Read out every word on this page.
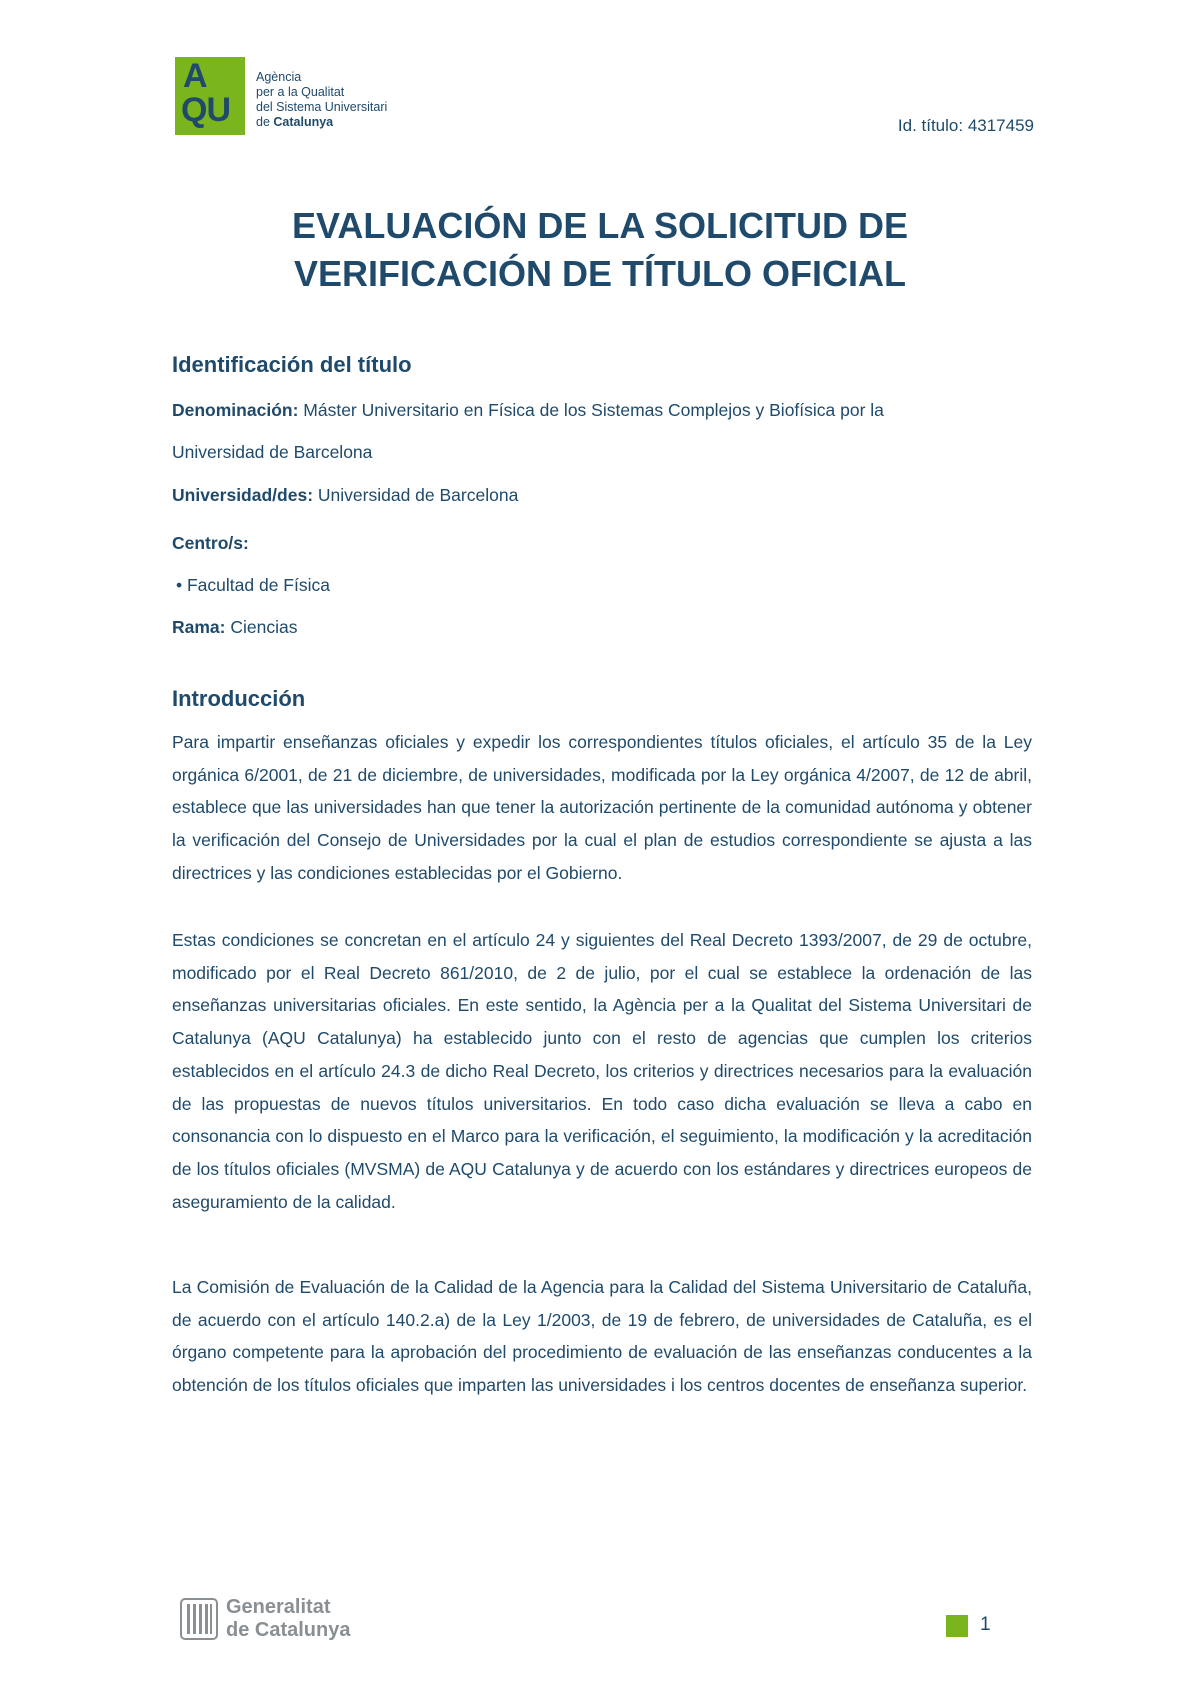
A
QU
Agència
per a la Qualitat
del Sistema Universitari
de Catalunya	Id. título: 4317459
EVALUACIÓN DE LA SOLICITUD DE
VERIFICACIÓN DE TÍTULO OFICIAL
Identificación del título
Denominación: Máster Universitario en Física de los Sistemas Complejos y Biofísica por la
Universidad de Barcelona
Universidad/des: Universidad de Barcelona
Centro/s:
• Facultad de Física
Rama: Ciencias
Introducción

Para impartir enseñanzas oficiales y expedir los correspondientes títulos oficiales, el artículo 35 de la Ley orgánica 6/2001, de 21 de diciembre, de universidades, modificada por la Ley orgánica 4/2007, de 12 de abril, establece que las universidades han que tener la autorización pertinente de la comunidad autónoma y obtener la verificación del Consejo de Universidades por la cual el plan de estudios correspondiente se ajusta a las directrices y las condiciones establecidas por el Gobierno.

Estas condiciones se concretan en el artículo 24 y siguientes del Real Decreto 1393/2007, de 29 de octubre, modificado por el Real Decreto 861/2010, de 2 de julio, por el cual se establece la ordenación de las enseñanzas universitarias oficiales. En este sentido, la Agència per a la Qualitat del Sistema Universitari de Catalunya (AQU Catalunya) ha establecido junto con el resto de agencias que cumplen los criterios establecidos en el artículo 24.3 de dicho Real Decreto, los criterios y directrices necesarios para la evaluación de las propuestas de nuevos títulos universitarios. En todo caso dicha evaluación se lleva a cabo en consonancia con lo dispuesto en el Marco para la verificación, el seguimiento, la modificación y la acreditación de los títulos oficiales (MVSMA) de AQU Catalunya y de acuerdo con los estándares y directrices europeos de aseguramiento de la calidad.

La Comisión de Evaluación de la Calidad de la Agencia para la Calidad del Sistema Universitario de Cataluña, de acuerdo con el artículo 140.2.a) de la Ley 1/2003, de 19 de febrero, de universidades de Cataluña, es el órgano competente para la aprobación del procedimiento de evaluación de las enseñanzas conducentes a la obtención de los títulos oficiales que imparten las universidades i los centros docentes de enseñanza superior.

Generalitat
de Catalunya	1
